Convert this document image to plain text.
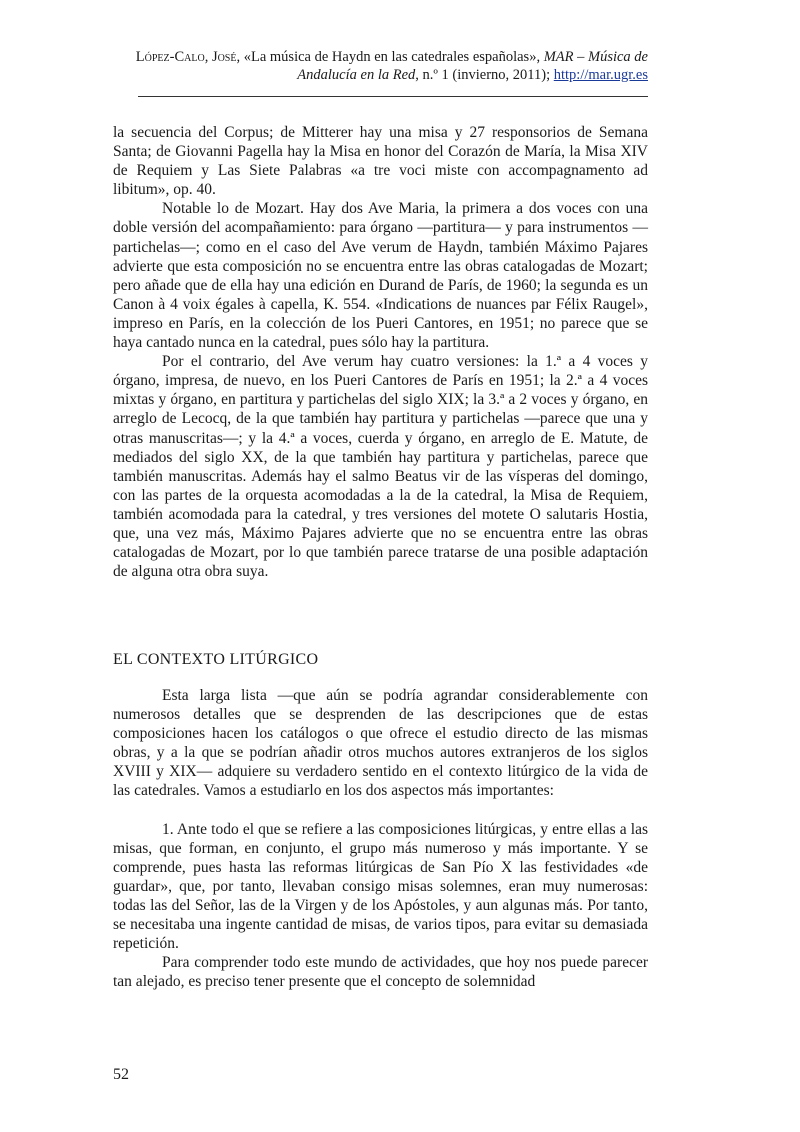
López-Calo, José, «La música de Haydn en las catedrales españolas», MAR – Música de Andalucía en la Red, n.º 1 (invierno, 2011); http://mar.ugr.es

la secuencia del Corpus; de Mitterer hay una misa y 27 responsorios de Semana Santa; de Giovanni Pagella hay la Misa en honor del Corazón de María, la Misa XIV de Requiem y Las Siete Palabras «a tre voci miste con accompagnamento ad libitum», op. 40.

Notable lo de Mozart. Hay dos Ave Maria, la primera a dos voces con una doble versión del acompañamiento: para órgano —partitura— y para instrumentos —partichelas—; como en el caso del Ave verum de Haydn, también Máximo Pajares advierte que esta composición no se encuentra entre las obras catalogadas de Mozart; pero añade que de ella hay una edición en Durand de París, de 1960; la segunda es un Canon à 4 voix égales à capella, K. 554. «Indications de nuances par Félix Raugel», impreso en París, en la colección de los Pueri Cantores, en 1951; no parece que se haya cantado nunca en la catedral, pues sólo hay la partitura.

Por el contrario, del Ave verum hay cuatro versiones: la 1.ª a 4 voces y órgano, impresa, de nuevo, en los Pueri Cantores de París en 1951; la 2.ª a 4 voces mixtas y órgano, en partitura y partichelas del siglo XIX; la 3.ª a 2 voces y órgano, en arreglo de Lecocq, de la que también hay partitura y partichelas —parece que una y otras manuscritas—; y la 4.ª a voces, cuerda y órgano, en arreglo de E. Matute, de mediados del siglo XX, de la que también hay partitura y partichelas, parece que también manuscritas. Además hay el salmo Beatus vir de las vísperas del domingo, con las partes de la orquesta acomodadas a la de la catedral, la Misa de Requiem, también acomodada para la catedral, y tres versiones del motete O salutaris Hostia, que, una vez más, Máximo Pajares advierte que no se encuentra entre las obras catalogadas de Mozart, por lo que también parece tratarse de una posible adaptación de alguna otra obra suya.

EL CONTEXTO LITÚRGICO

Esta larga lista —que aún se podría agrandar considerablemente con numerosos detalles que se desprenden de las descripciones que de estas composiciones hacen los catálogos o que ofrece el estudio directo de las mismas obras, y a la que se podrían añadir otros muchos autores extranjeros de los siglos XVIII y XIX— adquiere su verdadero sentido en el contexto litúrgico de la vida de las catedrales. Vamos a estudiarlo en los dos aspectos más importantes:

1. Ante todo el que se refiere a las composiciones litúrgicas, y entre ellas a las misas, que forman, en conjunto, el grupo más numeroso y más importante. Y se comprende, pues hasta las reformas litúrgicas de San Pío X las festividades «de guardar», que, por tanto, llevaban consigo misas solemnes, eran muy numerosas: todas las del Señor, las de la Virgen y de los Apóstoles, y aun algunas más. Por tanto, se necesitaba una ingente cantidad de misas, de varios tipos, para evitar su demasiada repetición.

Para comprender todo este mundo de actividades, que hoy nos puede parecer tan alejado, es preciso tener presente que el concepto de solemnidad

52
